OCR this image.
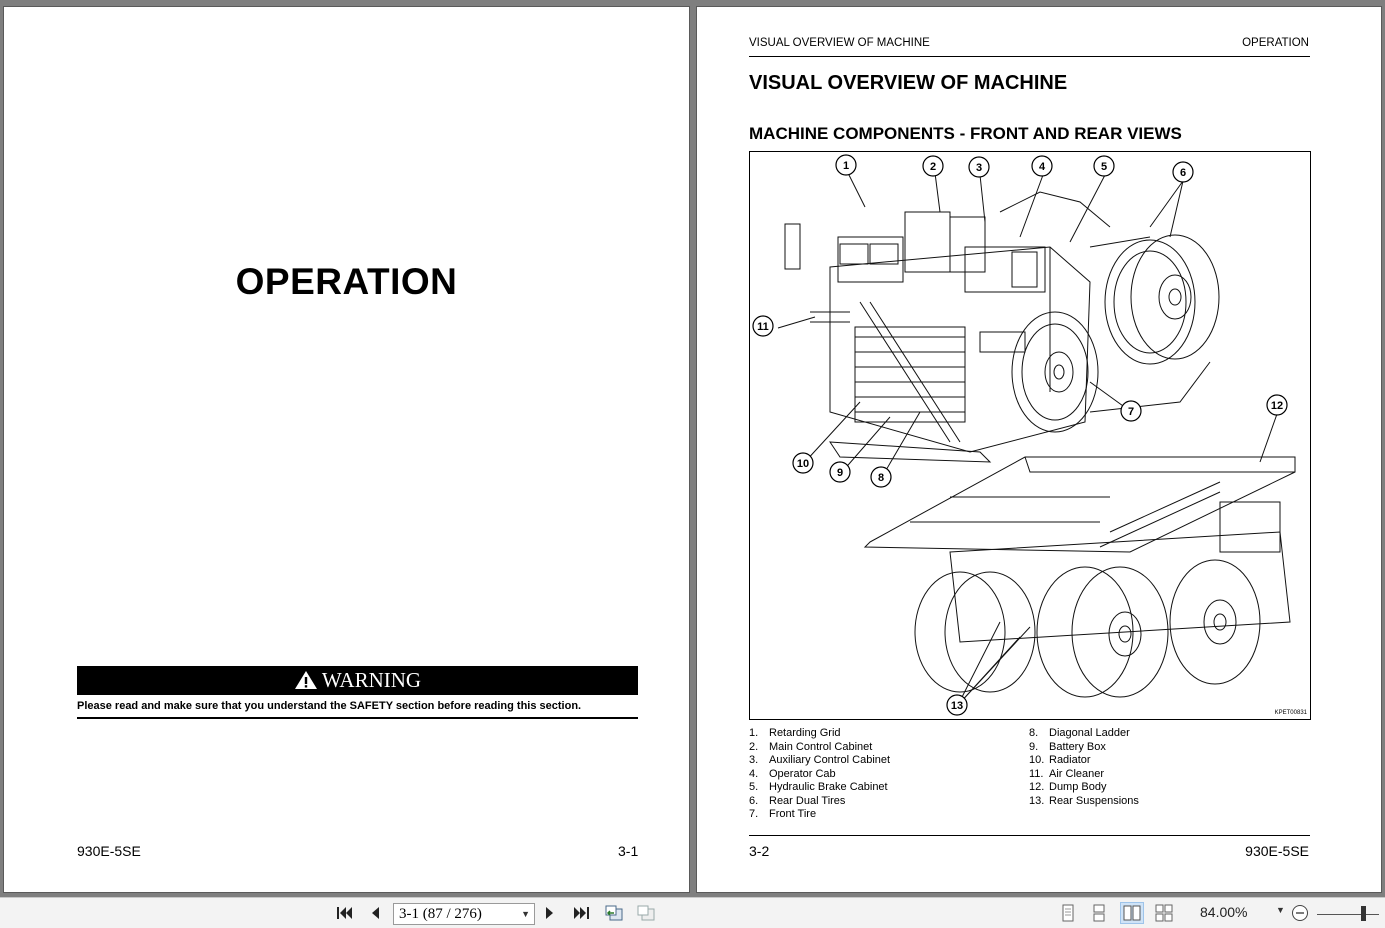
OPERATION
WARNING
Please read and make sure that you understand the SAFETY section before reading this section.
930E-5SE	3-1
VISUAL OVERVIEW OF MACHINE	OPERATION
VISUAL OVERVIEW OF MACHINE
MACHINE COMPONENTS - FRONT AND REAR VIEWS
1	2	3	4	5	6
7
8
9
10
11
12
13
KPET00831
1. Retarding Grid
2. Main Control Cabinet
3. Auxiliary Control Cabinet
4. Operator Cab
5. Hydraulic Brake Cabinet
6. Rear Dual Tires
7. Front Tire
8. Diagonal Ladder
9. Battery Box
10. Radiator
11. Air Cleaner
12. Dump Body
13. Rear Suspensions
3-2	930E-5SE
3-1 (87 / 276)	▼	84.00%	▼
